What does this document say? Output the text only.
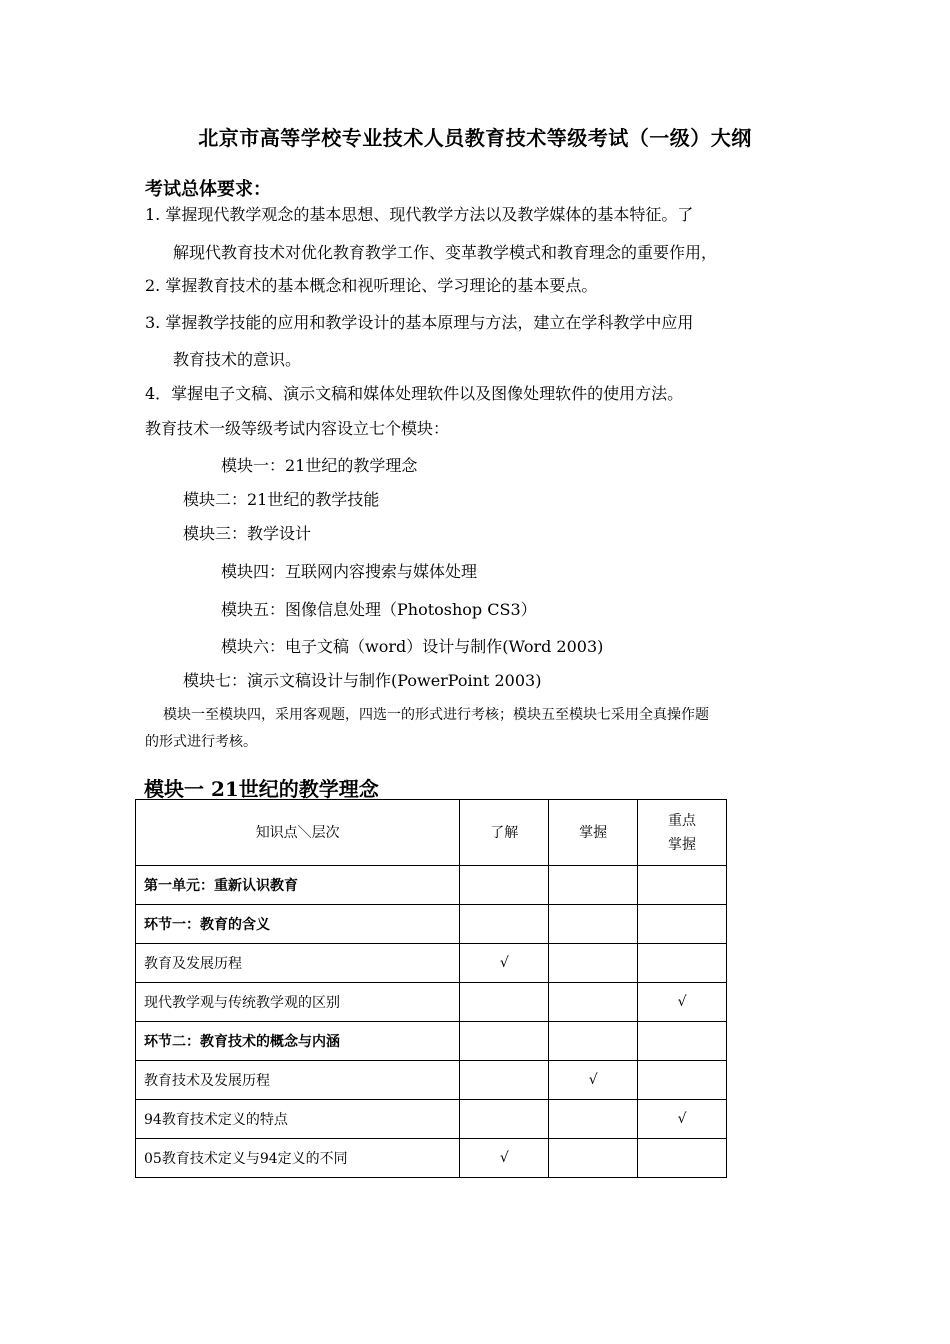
北京市高等学校专业技术人员教育技术等级考试（一级）大纲
考试总体要求：
1. 掌握现代教学观念的基本思想、现代教学方法以及教学媒体的基本特征。了
解现代教育技术对优化教育教学工作、变革教学模式和教育理念的重要作用，
2. 掌握教育技术的基本概念和视听理论、学习理论的基本要点。
3. 掌握教学技能的应用和教学设计的基本原理与方法，建立在学科教学中应用
教育技术的意识。
4．掌握电子文稿、演示文稿和媒体处理软件以及图像处理软件的使用方法。
教育技术一级等级考试内容设立七个模块：
模块一：21世纪的教学理念
模块二：21世纪的教学技能
模块三：教学设计
模块四：互联网内容搜索与媒体处理
模块五：图像信息处理（Photoshop CS3）
模块六：电子文稿（word）设计与制作(Word 2003)
模块七：演示文稿设计与制作(PowerPoint 2003)
模块一至模块四，采用客观题，四选一的形式进行考核；模块五至模块七采用全真操作题
的形式进行考核。
模块一 21世纪的教学理念
知识点＼层次	了解	掌握	重点
掌握

第一单元：重新认识教育			
环节一：教育的含义			
教育及发展历程	√		
现代教学观与传统教学观的区别			√
环节二：教育技术的概念与内涵			
教育技术及发展历程		√	
94教育技术定义的特点			√
05教育技术定义与94定义的不同	√		
